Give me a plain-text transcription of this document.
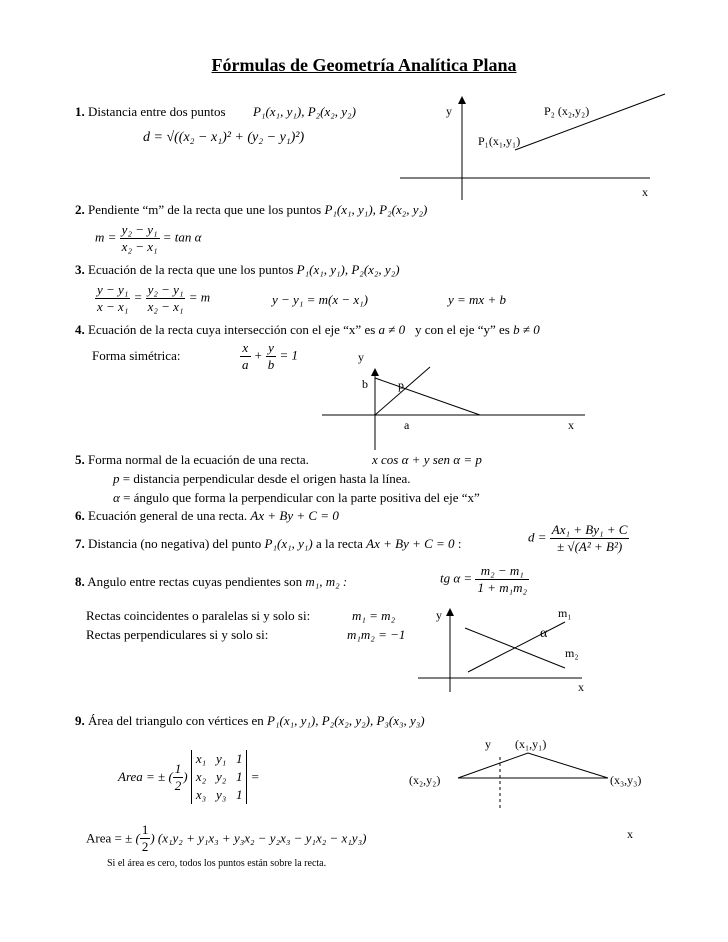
Fórmulas de Geometría Analítica Plana
1. Distancia entre dos puntos P₁(x₁, y₁), P₂(x₂, y₂)
d = √((x₂ − x₁)² + (y₂ − y₁)²)
y	P₂ (x₂,y₂)
P₁(x₁,y₁)
x
2. Pendiente “m” de la recta que une los puntos P₁(x₁, y₁), P₂(x₂, y₂)
$m = \frac{\text{y₂ − y₁}}{\text{x₂ − x₁}} = \tan \alpha$
3. Ecuación de la recta que une los puntos P₁(x₁, y₁), P₂(x₂, y₂)
$\frac{\text{y − y₁}}{\text{x − x₁}} = \frac{\text{y₂ − y₁}}{\text{x₂ − x₁}} = m$	y − y₁ = m(x − x₁)	y = mx + b
4. Ecuación de la recta cuya intersección con el eje “x” es a ≠ 0 y con el eje “y” es b ≠ 0
Forma simétrica:	$\frac{x}{a} + \frac{y}{b} = 1$	y
b	p
a	x
5. Forma normal de la ecuación de una recta.	x cos α + y sen α = p
p = distancia perpendicular desde el origen hasta la línea.
α = ángulo que forma la perpendicular con la parte positiva del eje “x”
6. Ecuación general de una recta. Ax + By + C = 0
7. Distancia (no negativa) del punto P₁(x₁, y₁) a la recta Ax + By + C = 0 :	$d = \frac{\text{Ax₁ + By₁ + C}}{\text{± √(A² + B²)}}$
8. Angulo entre rectas cuyas pendientes son m₁, m₂ :	tg $\alpha = \frac{\text{m₂ − m₁}}{\text{1 + m₁m₂}}$
Rectas coincidentes o paralelas si y solo si:	m₁ = m₂
Rectas perpendiculares si y solo si:	m₁m₂ = −1
y	m₁
α
m₂
x
9. Área del triangulo con vértices en P₁(x₁, y₁), P₂(x₂, y₂), P₃(x₃, y₃)
Area = ± ( $\frac{1}{2}$ ) x₁ y₁ 1
x₂ y₂ 1
x₃ y₃ 1 =
Area = ± ( $\frac{1}{2}$ ) (x₁y₂ + y₁x₃ + y₃x₂ − y₂x₃ − y₁x₂ − x₁y₃)
Si el área es cero, todos los puntos están sobre la recta.
y (x₁,y₁)
(x₂,y₂)	(x₃,y₃)
x
